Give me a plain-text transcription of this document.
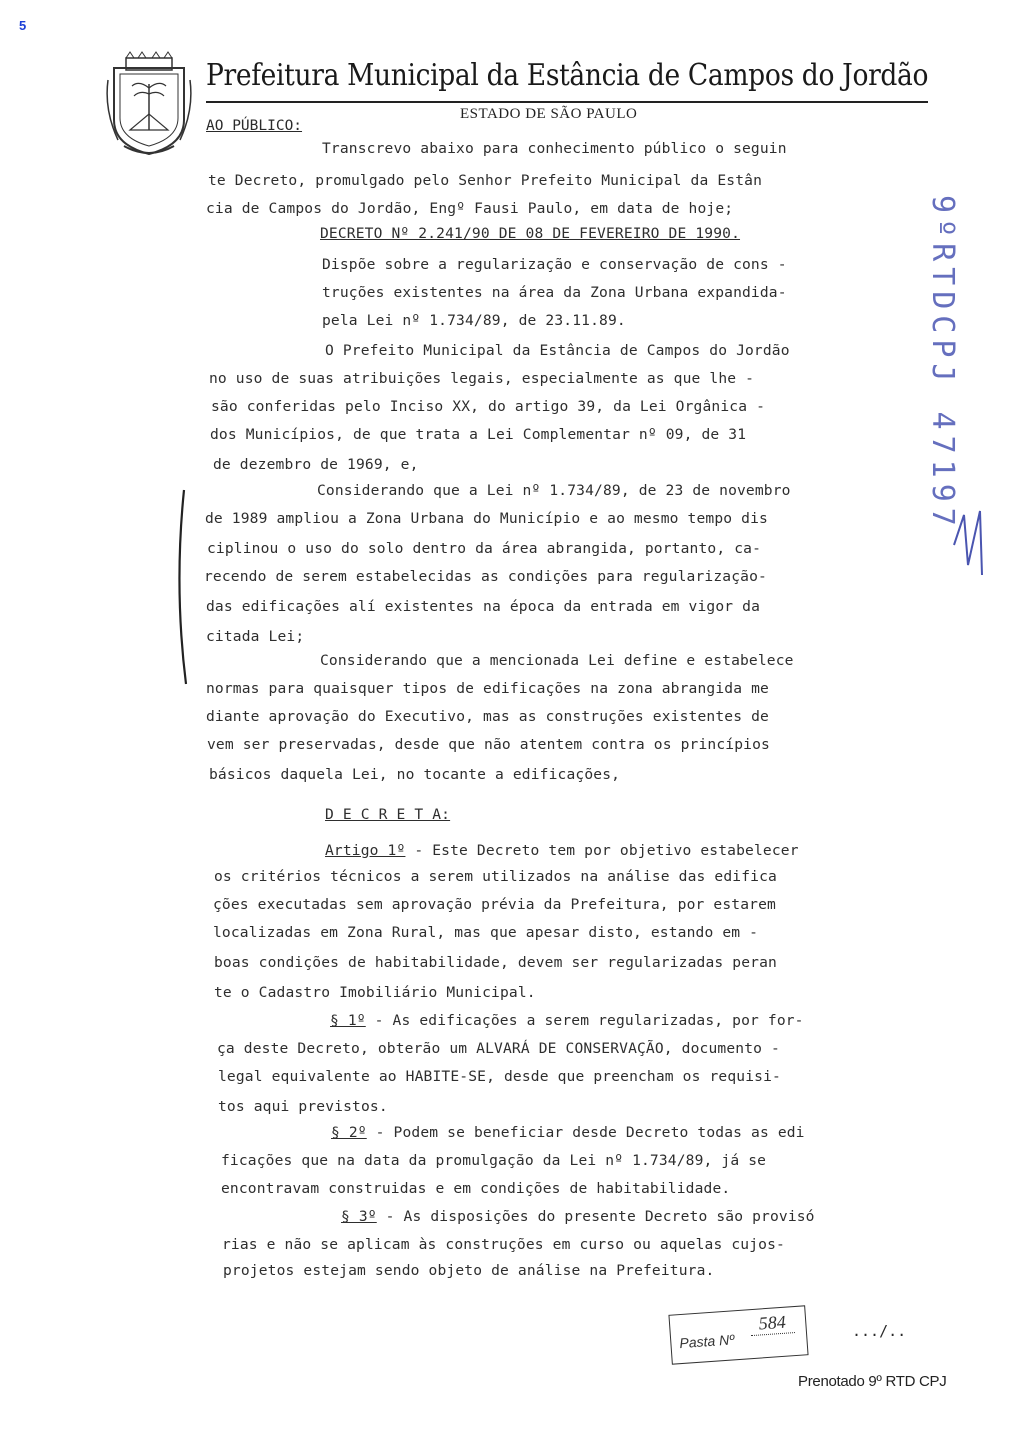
5
Prefeitura Municipal da Estância de Campos do Jordão
ESTADO DE SÃO PAULO
AO PÚBLICO:
Transcrevo abaixo para conhecimento público o seguin
te Decreto, promulgado pelo Senhor Prefeito Municipal da Estân
cia de Campos do Jordão, Engº Fausi Paulo, em data de hoje;
DECRETO Nº 2.241/90 DE 08 DE FEVEREIRO DE 1990.
Dispõe sobre a regularização e conservação de cons -
truções existentes na área da Zona Urbana expandida-
pela Lei nº 1.734/89, de 23.11.89.
O Prefeito Municipal da Estância de Campos do Jordão
no uso de suas atribuições legais, especialmente as que lhe -
são conferidas pelo Inciso XX, do artigo 39, da Lei Orgânica -
dos Municípios, de que trata a Lei Complementar nº 09, de 31
de dezembro de 1969, e,
Considerando que a Lei nº 1.734/89, de 23 de novembro
de 1989 ampliou a Zona Urbana do Município e ao mesmo tempo dis
ciplinou o uso do solo dentro da área abrangida, portanto, ca-
recendo de serem estabelecidas as condições para regularização-
das edificações alí existentes na época da entrada em vigor da
citada Lei;
Considerando que a mencionada Lei define e estabelece
normas para quaisquer tipos de edificações na zona abrangida me
diante aprovação do Executivo, mas as construções existentes de
vem ser preservadas, desde que não atentem contra os princípios
básicos daquela Lei, no tocante a edificações,
D E C R E T A:
Artigo 1º - Este Decreto tem por objetivo estabelecer
os critérios técnicos a serem utilizados na análise das edifica
ções executadas sem aprovação prévia da Prefeitura, por estarem
localizadas em Zona Rural, mas que apesar disto, estando em -
boas condições de habitabilidade, devem ser regularizadas peran
te o Cadastro Imobiliário Municipal.
§ 1º - As edificações a serem regularizadas, por for-
ça deste Decreto, obterão um ALVARÁ DE CONSERVAÇÃO, documento -
legal equivalente ao HABITE-SE, desde que preencham os requisi-
tos aqui previstos.
§ 2º - Podem se beneficiar desde Decreto todas as edi
ficações que na data da promulgação da Lei nº 1.734/89, já se
encontravam construidas e em condições de habitabilidade.
§ 3º - As disposições do presente Decreto são provisó
rias e não se aplicam às construções em curso ou aquelas cujos-
projetos estejam sendo objeto de análise na Prefeitura.
9ºRTDCPJ 47197
Pasta Nº
584	.../..
Prenotado 9º RTD CPJ
